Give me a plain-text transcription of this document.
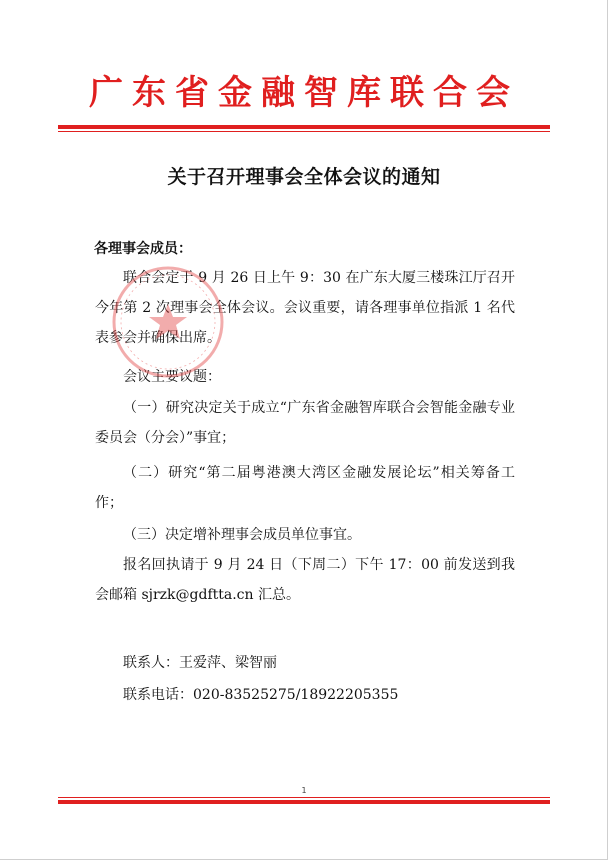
广东省金融智库联合会
关于召开理事会全体会议的通知
各理事会成员：

联合会定于 9 月 26 日上午 9：30 在广东大厦三楼珠江厅召开今年第 2 次理事会全体会议。会议重要，请各理事单位指派 1 名代表参会并确保出席。

会议主要议题：

（一）研究决定关于成立“广东省金融智库联合会智能金融专业委员会（分会）”事宜；

（二）研究“第二届粤港澳大湾区金融发展论坛”相关筹备工作；

（三）决定增补理事会成员单位事宜。

报名回执请于 9 月 24 日（下周二）下午 17：00 前发送到我会邮箱 sjrzk@gdftta.cn 汇总。

联系人：王爱萍、梁智丽
联系电话：020-83525275/18922205355
1
